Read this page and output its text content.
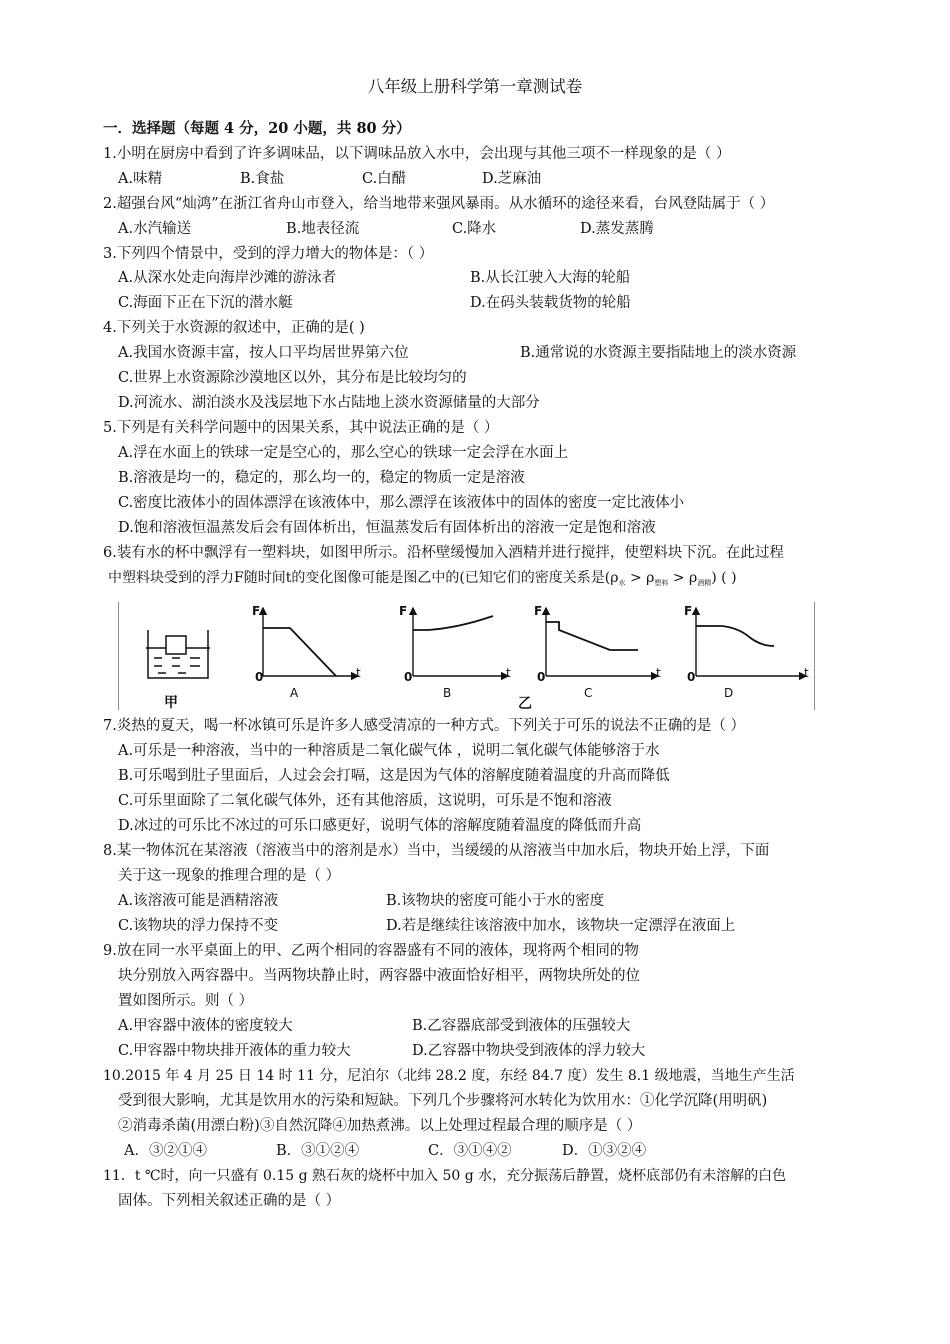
八年级上册科学第一章测试卷
一．选择题（每题 4 分，20 小题，共 80 分）
1.小明在厨房中看到了许多调味品，以下调味品放入水中，会出现与其他三项不一样现象的是（ ）
A.味精	B.食盐	C.白醋	D.芝麻油
2.超强台风“灿鸿”在浙江省舟山市登入，给当地带来强风暴雨。从水循环的途径来看，台风登陆属于（ ）
A.水汽输送	B.地表径流	C.降水	D.蒸发蒸腾
3.下列四个情景中，受到的浮力增大的物体是：（ ）
A.从深水处走向海岸沙滩的游泳者	B.从长江驶入大海的轮船
C.海面下正在下沉的潜水艇	D.在码头装载货物的轮船
4.下列关于水资源的叙述中，正确的是( )
A.我国水资源丰富，按人口平均居世界第六位	B.通常说的水资源主要指陆地上的淡水资源
C.世界上水资源除沙漠地区以外，其分布是比较均匀的
D.河流水、湖泊淡水及浅层地下水占陆地上淡水资源储量的大部分
5.下列是有关科学问题中的因果关系，其中说法正确的是（ ）
A.浮在水面上的铁球一定是空心的，那么空心的铁球一定会浮在水面上
B.溶液是均一的，稳定的，那么均一的，稳定的物质一定是溶液
C.密度比液体小的固体漂浮在该液体中，那么漂浮在该液体中的固体的密度一定比液体小
D.饱和溶液恒温蒸发后会有固体析出，恒温蒸发后有固体析出的溶液一定是饱和溶液
6.装有水的杯中飘浮有一塑料块，如图甲所示。沿杯壁缓慢加入酒精并进行搅拌，使塑料块下沉。在此过程
中塑料块受到的浮力F随时间t的变化图像可能是图乙中的(已知它们的密度关系是$(\rho_水 > \rho_{塑料} > \rho_{酒精})$ ( )
F
t
0
F
t
0
F
t
0
F
t
0
甲
A	B
乙
C	D
7.炎热的夏天，喝一杯冰镇可乐是许多人感受清凉的一种方式。下列关于可乐的说法不正确的是（ ）
A.可乐是一种溶液，当中的一种溶质是二氧化碳气体 ，说明二氧化碳气体能够溶于水
B.可乐喝到肚子里面后，人过会会打嗝，这是因为气体的溶解度随着温度的升高而降低
C.可乐里面除了二氧化碳气体外，还有其他溶质，这说明，可乐是不饱和溶液
D.冰过的可乐比不冰过的可乐口感更好，说明气体的溶解度随着温度的降低而升高
8.某一物体沉在某溶液（溶液当中的溶剂是水）当中，当缓缓的从溶液当中加水后，物块开始上浮，下面
关于这一现象的推理合理的是（ ）
A.该溶液可能是酒精溶液	B.该物块的密度可能小于水的密度
C.该物块的浮力保持不变	D.若是继续往该溶液中加水，该物块一定漂浮在液面上
9.放在同一水平桌面上的甲、乙两个相同的容器盛有不同的液体，现将两个相同的物
块分别放入两容器中。当两物块静止时，两容器中液面恰好相平，两物块所处的位
置如图所示。则（ ）
A.甲容器中液体的密度较大	B.乙容器底部受到液体的压强较大
C.甲容器中物块排开液体的重力较大	D.乙容器中物块受到液体的浮力较大
10.2015 年 4 月 25 日 14 时 11 分，尼泊尔（北纬 28.2 度，东经 84.7 度）发生 8.1 级地震，当地生产生活
受到很大影响，尤其是饮用水的污染和短缺。下列几个步骤将河水转化为饮用水：①化学沉降(用明矾)
②消毒杀菌(用漂白粉)③自然沉降④加热煮沸。以上处理过程最合理的顺序是（ ）
A．③②①④	B．③①②④	C．③①④②	D．①③②④
11．t ℃时，向一只盛有 0.15 g 熟石灰的烧杯中加入 50 g 水，充分振荡后静置，烧杯底部仍有未溶解的白色
固体。下列相关叙述正确的是（ ）
